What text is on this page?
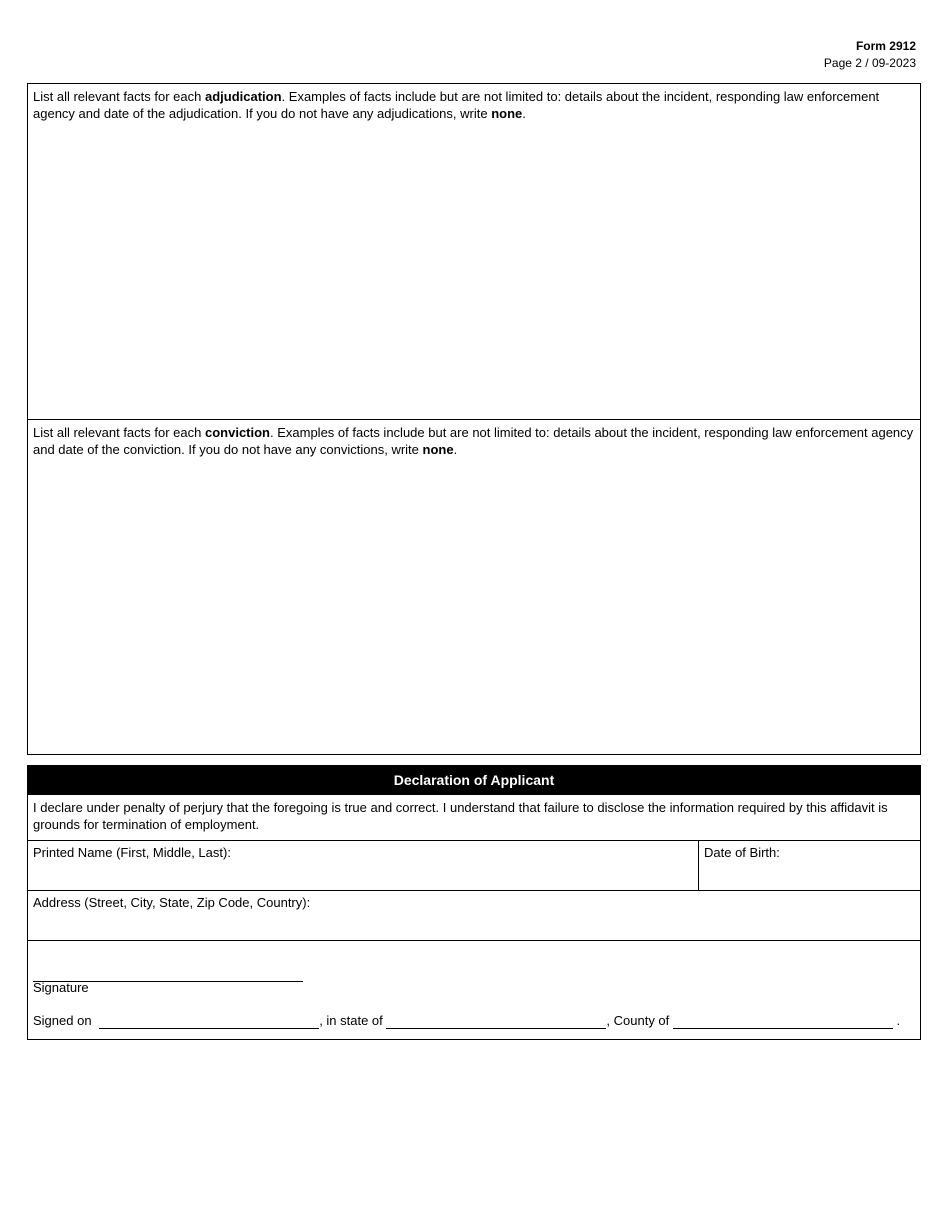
Form 2912
Page 2 / 09-2023
List all relevant facts for each adjudication. Examples of facts include but are not limited to: details about the incident, responding law enforcement agency and date of the adjudication. If you do not have any adjudications, write none.
List all relevant facts for each conviction. Examples of facts include but are not limited to: details about the incident, responding law enforcement agency and date of the conviction. If you do not have any convictions, write none.
Declaration of Applicant
I declare under penalty of perjury that the foregoing is true and correct. I understand that failure to disclose the information required by this affidavit is grounds for termination of employment.
Printed Name (First, Middle, Last):	Date of Birth:
Address (Street, City, State, Zip Code, Country):
Signature
Signed on	, in state of	, County of	.
